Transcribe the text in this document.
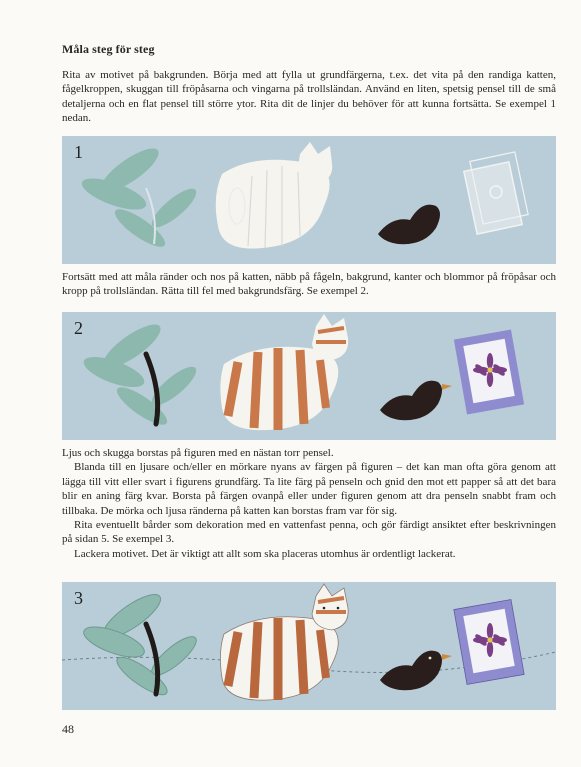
Måla steg för steg

Rita av motivet på bakgrunden. Börja med att fylla ut grundfärgerna, t.ex. det vita på den randiga katten, fågelkroppen, skuggan till fröpåsarna och vingarna på trollsländan. Använd en liten, spetsig pensel till de små detaljerna och en flat pensel till större ytor. Rita dit de linjer du behöver för att kunna fortsätta. Se exempel 1 nedan.

1

Fortsätt med att måla ränder och nos på katten, näbb på fågeln, bakgrund, kanter och blommor på fröpåsar och kropp på trollsländan. Rätta till fel med bakgrundsfärg. Se exempel 2.

2

Ljus och skugga borstas på figuren med en nästan torr pensel.

Blanda till en ljusare och/eller en mörkare nyans av färgen på figuren – det kan man ofta göra genom att lägga till vitt eller svart i figurens grundfärg. Ta lite färg på penseln och gnid den mot ett papper så att det bara blir en aning färg kvar. Borsta på färgen ovanpå eller under figuren genom att dra penseln snabbt fram och tillbaka. De mörka och ljusa ränderna på katten kan borstas fram var för sig.

Rita eventuellt bårder som dekoration med en vattenfast penna, och gör färdigt ansiktet efter beskrivningen på sidan 5. Se exempel 3.

Lackera motivet. Det är viktigt att allt som ska placeras utomhus är ordentligt lackerat.

3
48
